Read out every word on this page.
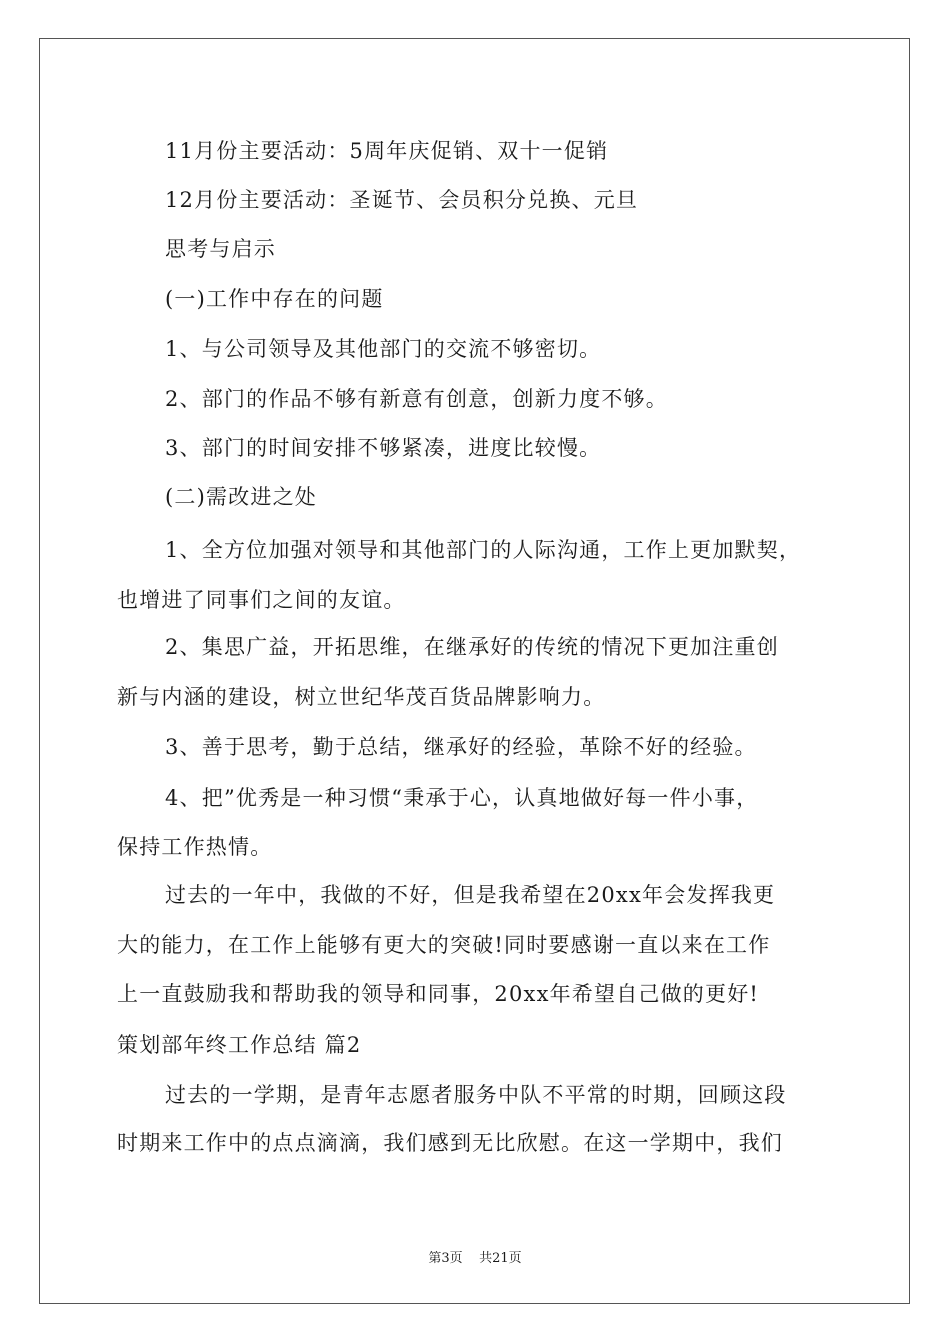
11月份主要活动：5周年庆促销、双十一促销
12月份主要活动：圣诞节、会员积分兑换、元旦
思考与启示
(一)工作中存在的问题
1、与公司领导及其他部门的交流不够密切。
2、部门的作品不够有新意有创意，创新力度不够。
3、部门的时间安排不够紧凑，进度比较慢。
(二)需改进之处
1、全方位加强对领导和其他部门的人际沟通，工作上更加默契，
也增进了同事们之间的友谊。
2、集思广益，开拓思维，在继承好的传统的情况下更加注重创
新与内涵的建设，树立世纪华茂百货品牌影响力。
3、善于思考，勤于总结，继承好的经验，革除不好的经验。
4、把”优秀是一种习惯“秉承于心，认真地做好每一件小事，
保持工作热情。
过去的一年中，我做的不好，但是我希望在20xx年会发挥我更
大的能力，在工作上能够有更大的突破!同时要感谢一直以来在工作
上一直鼓励我和帮助我的领导和同事，20xx年希望自己做的更好!
策划部年终工作总结 篇2
过去的一学期，是青年志愿者服务中队不平常的时期，回顾这段
时期来工作中的点点滴滴，我们感到无比欣慰。在这一学期中，我们
第3页    共21页
